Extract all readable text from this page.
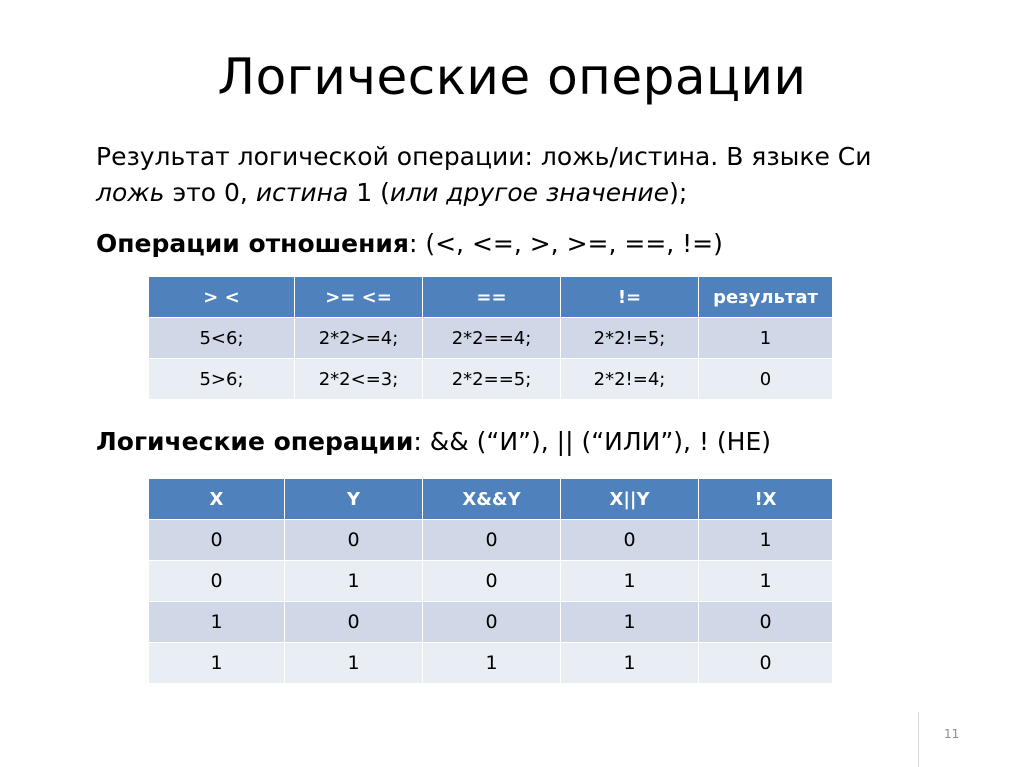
Логические операции
Результат логической операции: ложь/истина. В языке Си
ложь это 0, истина 1 (или другое значение);
Операции отношения: (<, <=, >, >=, ==, !=)
> <	>= <=	==	!=	результат
5<6;	2*2>=4;	2*2==4;	2*2!=5;	1
5>6;	2*2<=3;	2*2==5;	2*2!=4;	0
Логические операции: && (“И”), || (“ИЛИ”), ! (НЕ)
X	Y	X&&Y	X||Y	!X
0	0	0	0	1
0	1	0	1	1
1	0	0	1	0
1	1	1	1	0
11
